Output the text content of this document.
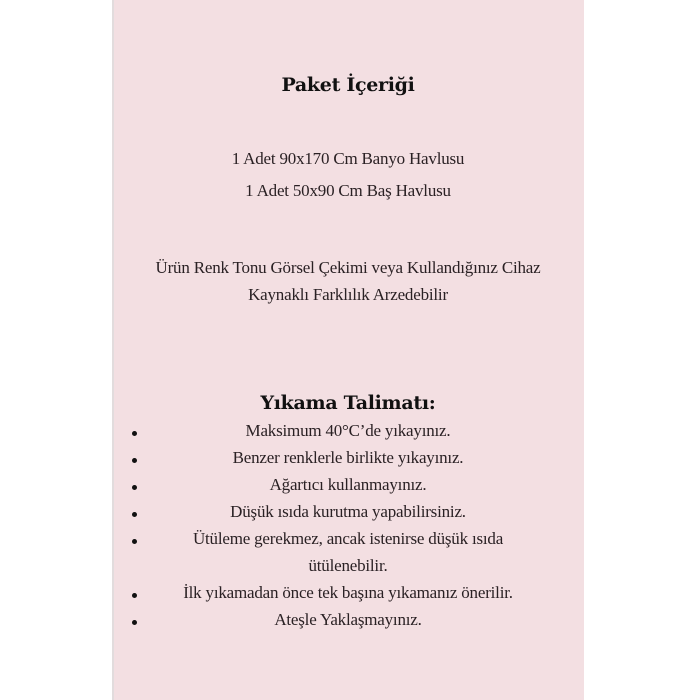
Paket İçeriği
1 Adet 90x170 Cm Banyo Havlusu
1 Adet 50x90 Cm Baş Havlusu
Ürün Renk Tonu Görsel Çekimi veya Kullandığınız Cihaz
Kaynaklı Farklılık Arzedebilir
Yıkama Talimatı:
Maksimum 40°C’de yıkayınız.
Benzer renklerle birlikte yıkayınız.
Ağartıcı kullanmayınız.
Düşük ısıda kurutma yapabilirsiniz.
Ütüleme gerekmez, ancak istenirse düşük ısıda
ütülenebilir.
İlk yıkamadan önce tek başına yıkamanız önerilir.
Ateşle Yaklaşmayınız.
